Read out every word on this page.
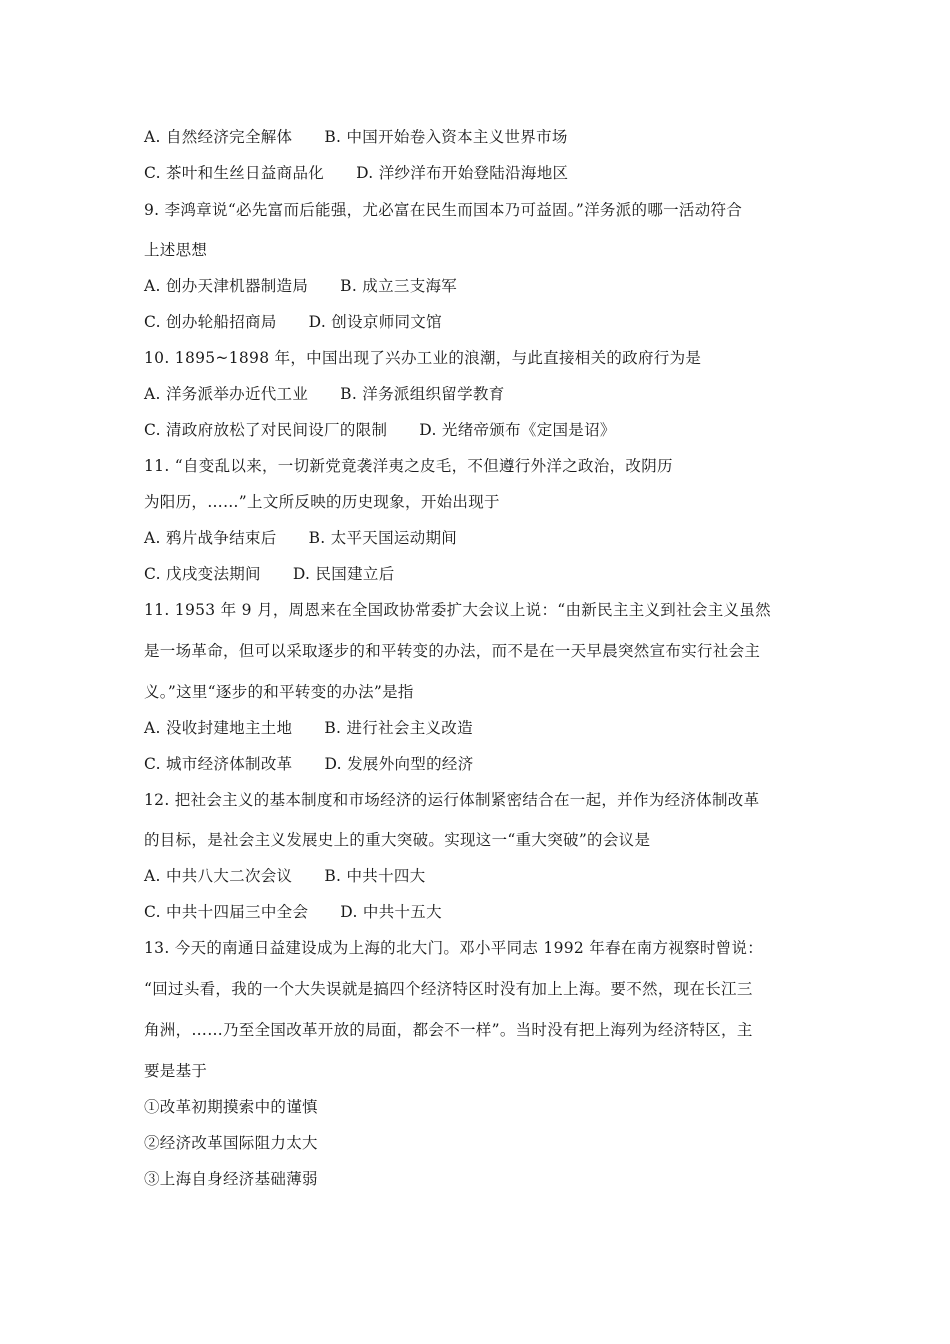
A. 自然经济完全解体 B. 中国开始卷入资本主义世界市场
C. 茶叶和生丝日益商品化 D. 洋纱洋布开始登陆沿海地区
9. 李鸿章说“必先富而后能强，尤必富在民生而国本乃可益固。”洋务派的哪一活动符合
上述思想
A. 创办天津机器制造局 B. 成立三支海军
C. 创办轮船招商局 D. 创设京师同文馆
10. 1895~1898 年，中国出现了兴办工业的浪潮，与此直接相关的政府行为是
A. 洋务派举办近代工业 B. 洋务派组织留学教育
C. 清政府放松了对民间设厂的限制 D. 光绪帝颁布《定国是诏》
11. “自变乱以来，一切新党竟袭洋夷之皮毛，不但遵行外洋之政治，改阴历
为阳历，……”上文所反映的历史现象，开始出现于
A. 鸦片战争结束后 B. 太平天国运动期间
C. 戊戌变法期间 D. 民国建立后
11. 1953 年 9 月，周恩来在全国政协常委扩大会议上说：“由新民主主义到社会主义虽然
是一场革命，但可以采取逐步的和平转变的办法，而不是在一天早晨突然宣布实行社会主
义。”这里“逐步的和平转变的办法”是指
A. 没收封建地主土地 B. 进行社会主义改造
C. 城市经济体制改革 D. 发展外向型的经济
12. 把社会主义的基本制度和市场经济的运行体制紧密结合在一起，并作为经济体制改革
的目标，是社会主义发展史上的重大突破。实现这一“重大突破”的会议是
A. 中共八大二次会议 B. 中共十四大
C. 中共十四届三中全会 D. 中共十五大
13. 今天的南通日益建设成为上海的北大门。邓小平同志 1992 年春在南方视察时曾说：
“回过头看，我的一个大失误就是搞四个经济特区时没有加上上海。要不然，现在长江三
角洲，……乃至全国改革开放的局面，都会不一样”。当时没有把上海列为经济特区，主
要是基于
①改革初期摸索中的谨慎
②经济改革国际阻力太大
③上海自身经济基础薄弱
